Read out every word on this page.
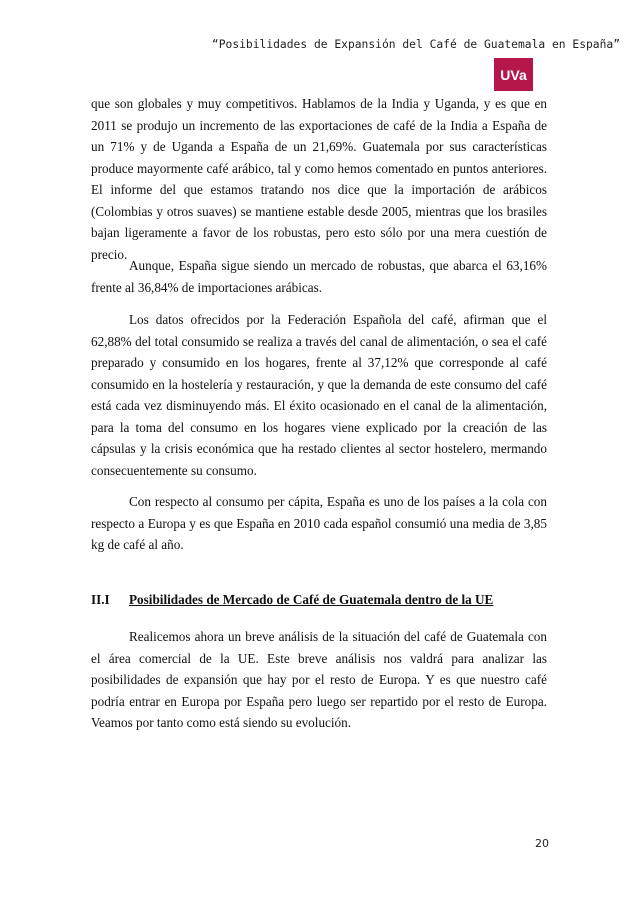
“Posibilidades de Expansión del Café de Guatemala en España”
UVa

que son globales y muy competitivos. Hablamos de la India y Uganda, y es que en 2011 se produjo un incremento de las exportaciones de café de la India a España de un 71% y de Uganda a España de un 21,69%. Guatemala por sus características produce mayormente café arábico, tal y como hemos comentado en puntos anteriores. El informe del que estamos tratando nos dice que la importación de arábicos (Colombias y otros suaves) se mantiene estable desde 2005, mientras que los brasiles bajan ligeramente a favor de los robustas, pero esto sólo por una mera cuestión de precio.

Aunque, España sigue siendo un mercado de robustas, que abarca el 63,16% frente al 36,84% de importaciones arábicas.

Los datos ofrecidos por la Federación Española del café, afirman que el 62,88% del total consumido se realiza a través del canal de alimentación, o sea el café preparado y consumido en los hogares, frente al 37,12% que corresponde al café consumido en la hostelería y restauración, y que la demanda de este consumo del café está cada vez disminuyendo más. El éxito ocasionado en el canal de la alimentación, para la toma del consumo en los hogares viene explicado por la creación de las cápsulas y la crisis económica que ha restado clientes al sector hostelero, mermando consecuentemente su consumo.

Con respecto al consumo per cápita, España es uno de los países a la cola con respecto a Europa y es que España en 2010 cada español consumió una media de 3,85 kg de café al año.

II.I Posibilidades de Mercado de Café de Guatemala dentro de la UE

Realicemos ahora un breve análisis de la situación del café de Guatemala con el área comercial de la UE. Este breve análisis nos valdrá para analizar las posibilidades de expansión que hay por el resto de Europa. Y es que nuestro café podría entrar en Europa por España pero luego ser repartido por el resto de Europa. Veamos por tanto como está siendo su evolución.

20
